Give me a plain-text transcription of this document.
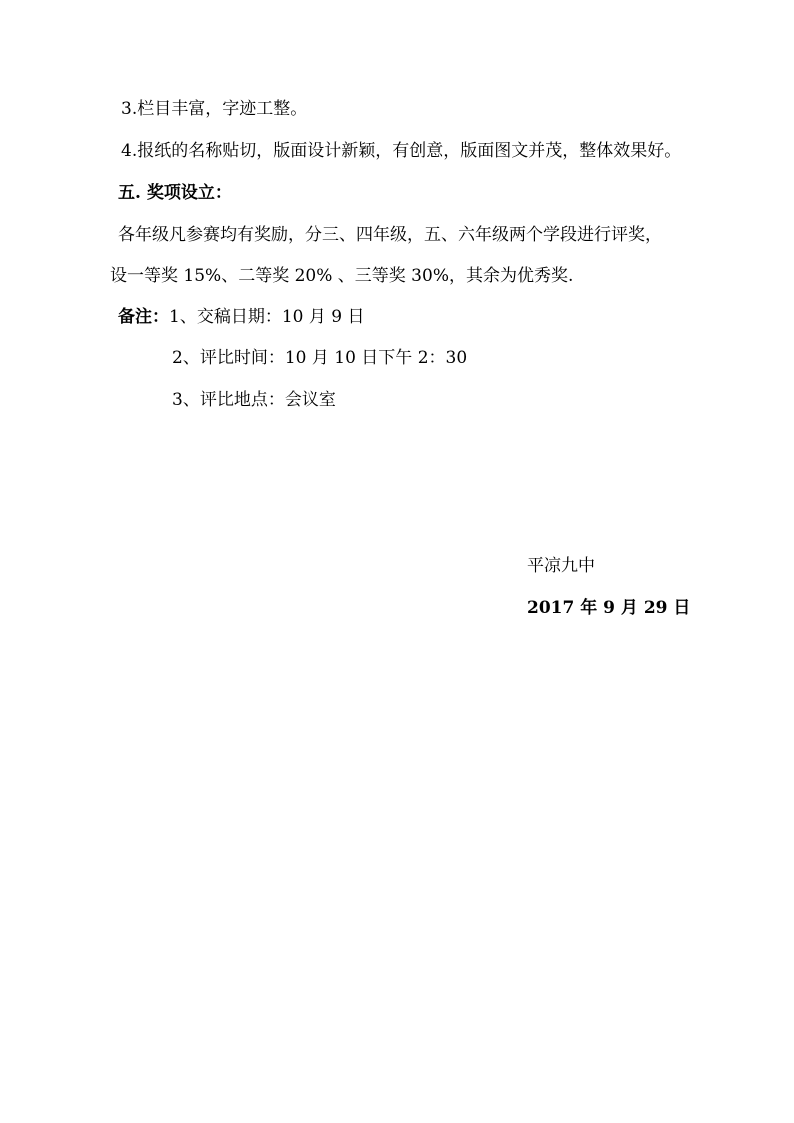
3.栏目丰富，字迹工整。

4.报纸的名称贴切，版面设计新颖，有创意，版面图文并茂，整体效果好。

五. 奖项设立：

各年级凡参赛均有奖励，分三、四年级，五、六年级两个学段进行评奖，

设一等奖 15%、二等奖 20% 、三等奖 30%，其余为优秀奖.

备注：1、交稿日期：10 月 9 日

2、评比时间：10 月 10 日下午 2：30

3、评比地点：会议室

平凉九中

2017 年 9 月 29 日
